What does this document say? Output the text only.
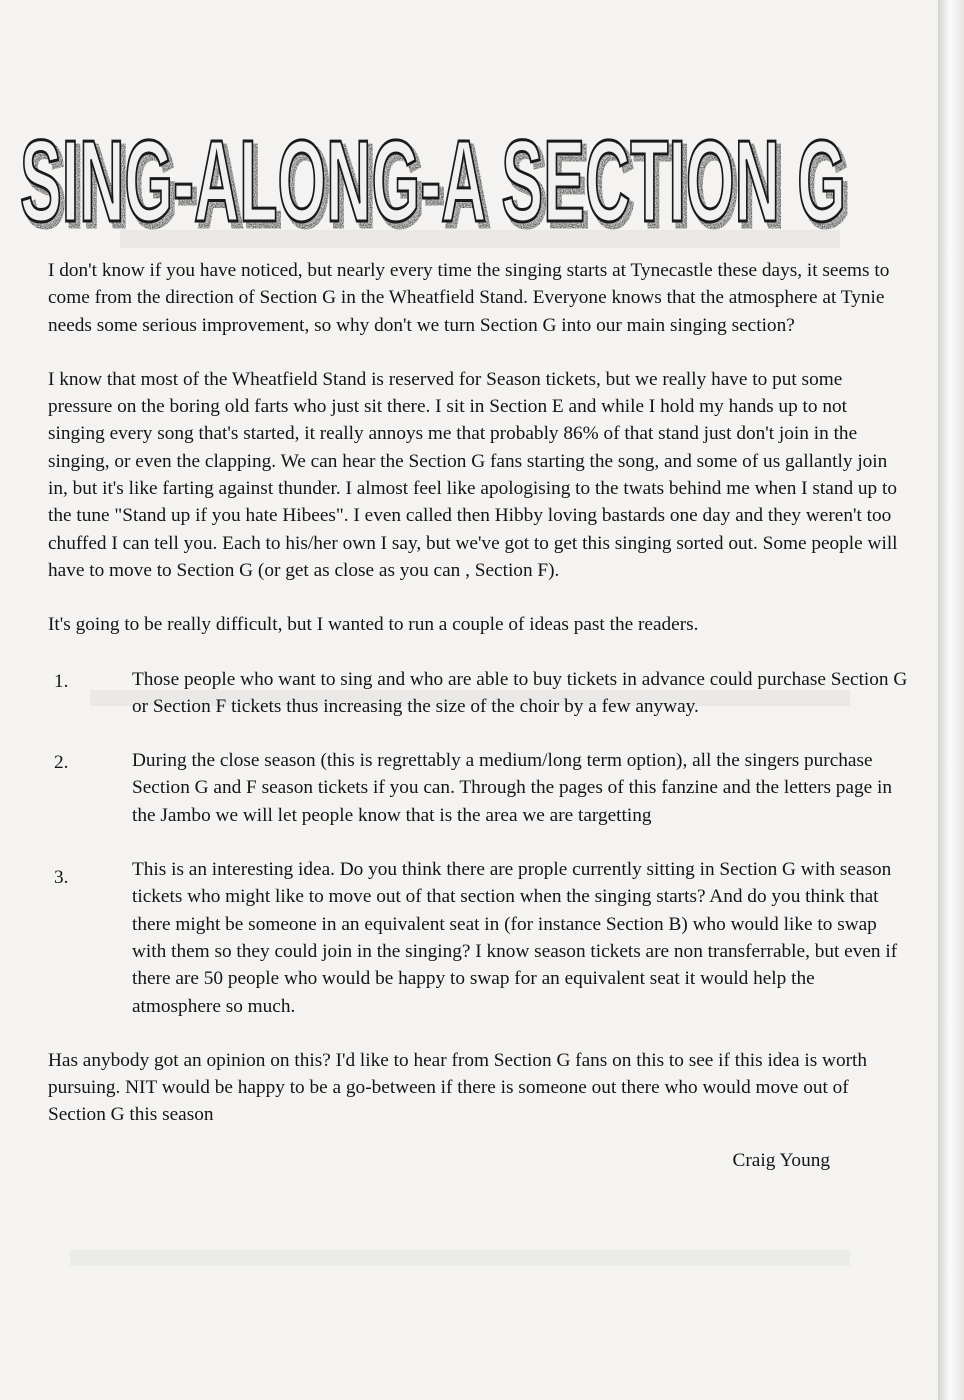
SING-ALONG-A SECTION G
SING-ALONG-A SECTION G

I don't know if you have noticed, but nearly every time the singing starts at Tynecastle these days, it seems to come from the direction of Section G in the Wheatfield Stand. Everyone knows that the atmosphere at Tynie needs some serious improvement, so why don't we turn Section G into our main singing section?

I know that most of the Wheatfield Stand is reserved for Season tickets, but we really have to put some pressure on the boring old farts who just sit there. I sit in Section E and while I hold my hands up to not singing every song that's started, it really annoys me that probably 86% of that stand just don't join in the singing, or even the clapping. We can hear the Section G fans starting the song, and some of us gallantly join in, but it's like farting against thunder. I almost feel like apologising to the twats behind me when I stand up to the tune "Stand up if you hate Hibees". I even called then Hibby loving bastards one day and they weren't too chuffed I can tell you. Each to his/her own I say, but we've got to get this singing sorted out. Some people will have to move to Section G (or get as close as you can , Section F).

It's going to be really difficult, but I wanted to run a couple of ideas past the readers.

1.	Those people who want to sing and who are able to buy tickets in advance could purchase Section G or Section F tickets thus increasing the size of the choir by a few anyway.

2.	During the close season (this is regrettably a medium/long term option), all the singers purchase Section G and F season tickets if you can. Through the pages of this fanzine and the letters page in the Jambo we will let people know that is the area we are targetting

3.	This is an interesting idea. Do you think there are prople currently sitting in Section G with season tickets who might like to move out of that section when the singing starts? And do you think that there might be someone in an equivalent seat in (for instance Section B) who would like to swap with them so they could join in the singing? I know season tickets are non transferrable, but even if there are 50 people who would be happy to swap for an equivalent seat it would help the atmosphere so much.

Has anybody got an opinion on this? I'd like to hear from Section G fans on this to see if this idea is worth pursuing. NIT would be happy to be a go-between if there is someone out there who would move out of Section G this season

Craig Young
